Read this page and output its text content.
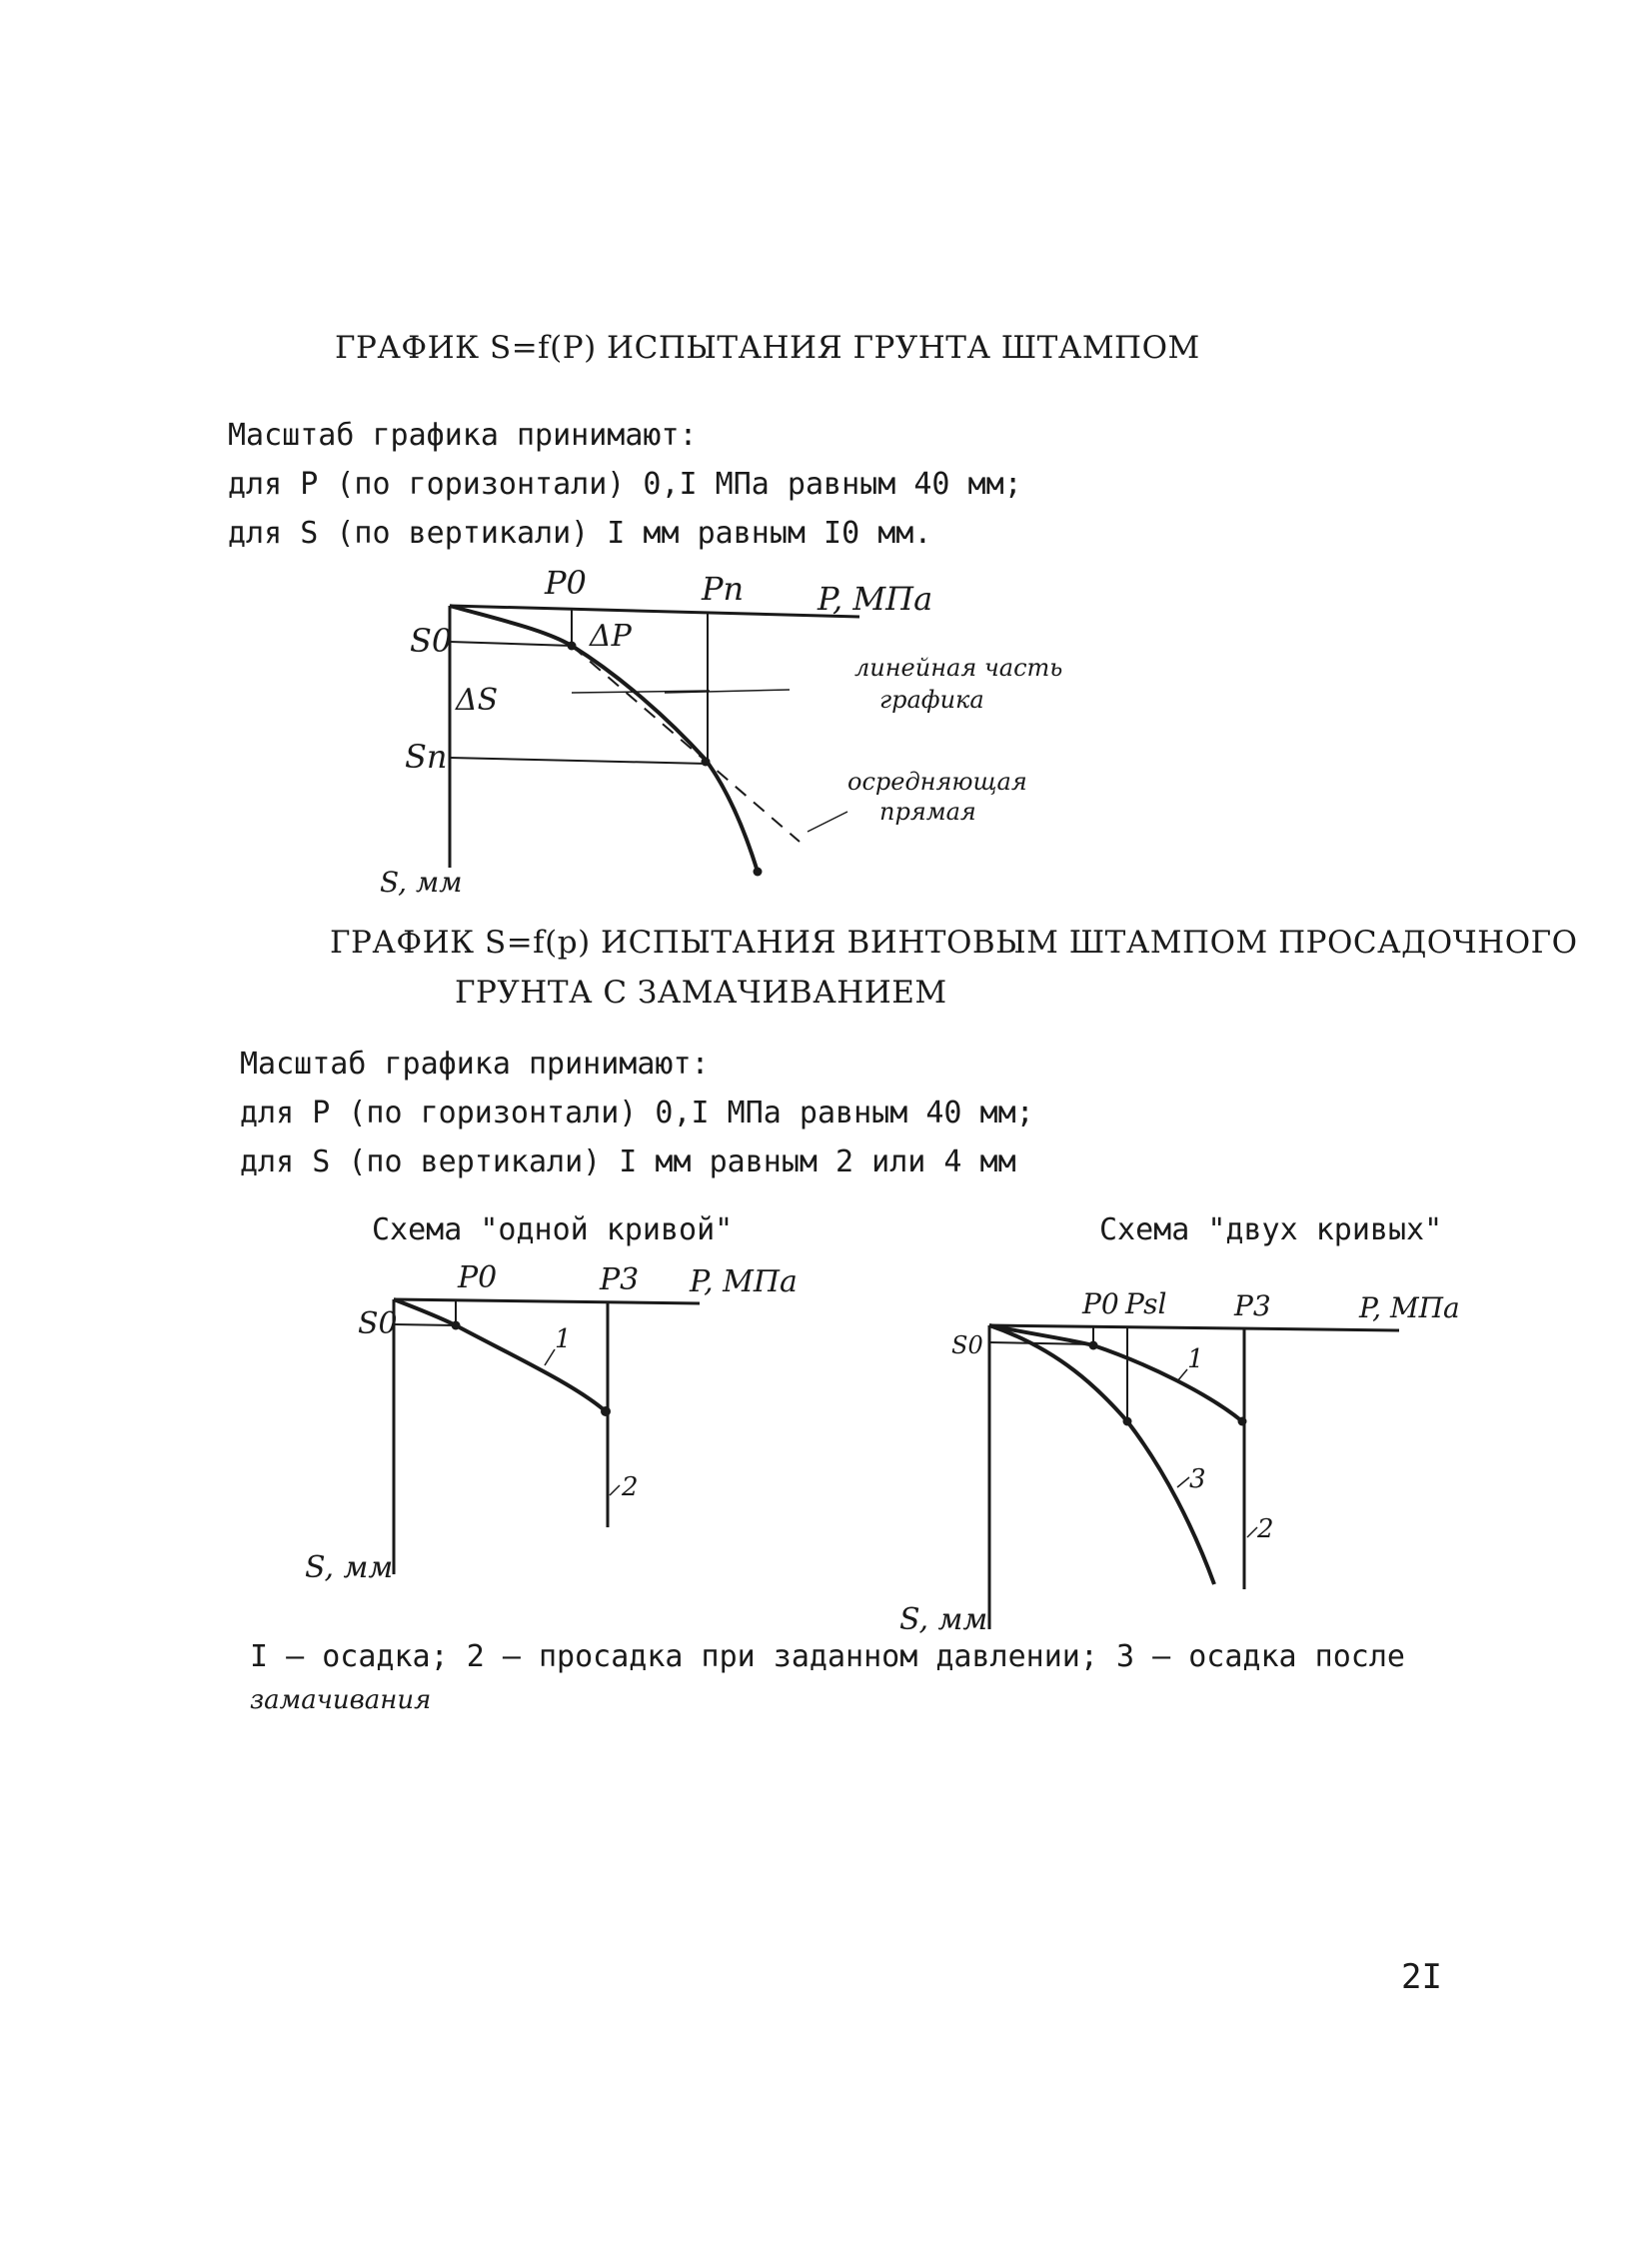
ГРАФИК S=f(P) ИСПЫТАНИЯ ГРУНТА ШТАМПОМ
Масштаб графика принимают:
для Р (по горизонтали) 0,I МПа равным 40 мм;
для S (по вертикали) I мм равным I0 мм.
ГРАФИК S=f(p) ИСПЫТАНИЯ ВИНТОВЫМ ШТАМПОМ ПРОСАДОЧНОГО
ГРУНТА С ЗАМАЧИВАНИЕМ
Масштаб графика принимают:
для Р (по горизонтали) 0,I МПа равным 40 мм;
для S (по вертикали) I мм равным 2 или 4 мм
Схема "одной кривой"	Схема "двух кривых"
I – осадка; 2 – просадка при заданном давлении; 3 – осадка после
замачивания
2I
P0	Pn P, МПа
S0
Sn
S, мм
ΔP
ΔS
линейная часть
графика
осредняющая
прямая
P0	P3 P, МПа
S0
S, мм
1
2
P0 Psl P3	P, МПа
S0
S, мм
1
3
2
